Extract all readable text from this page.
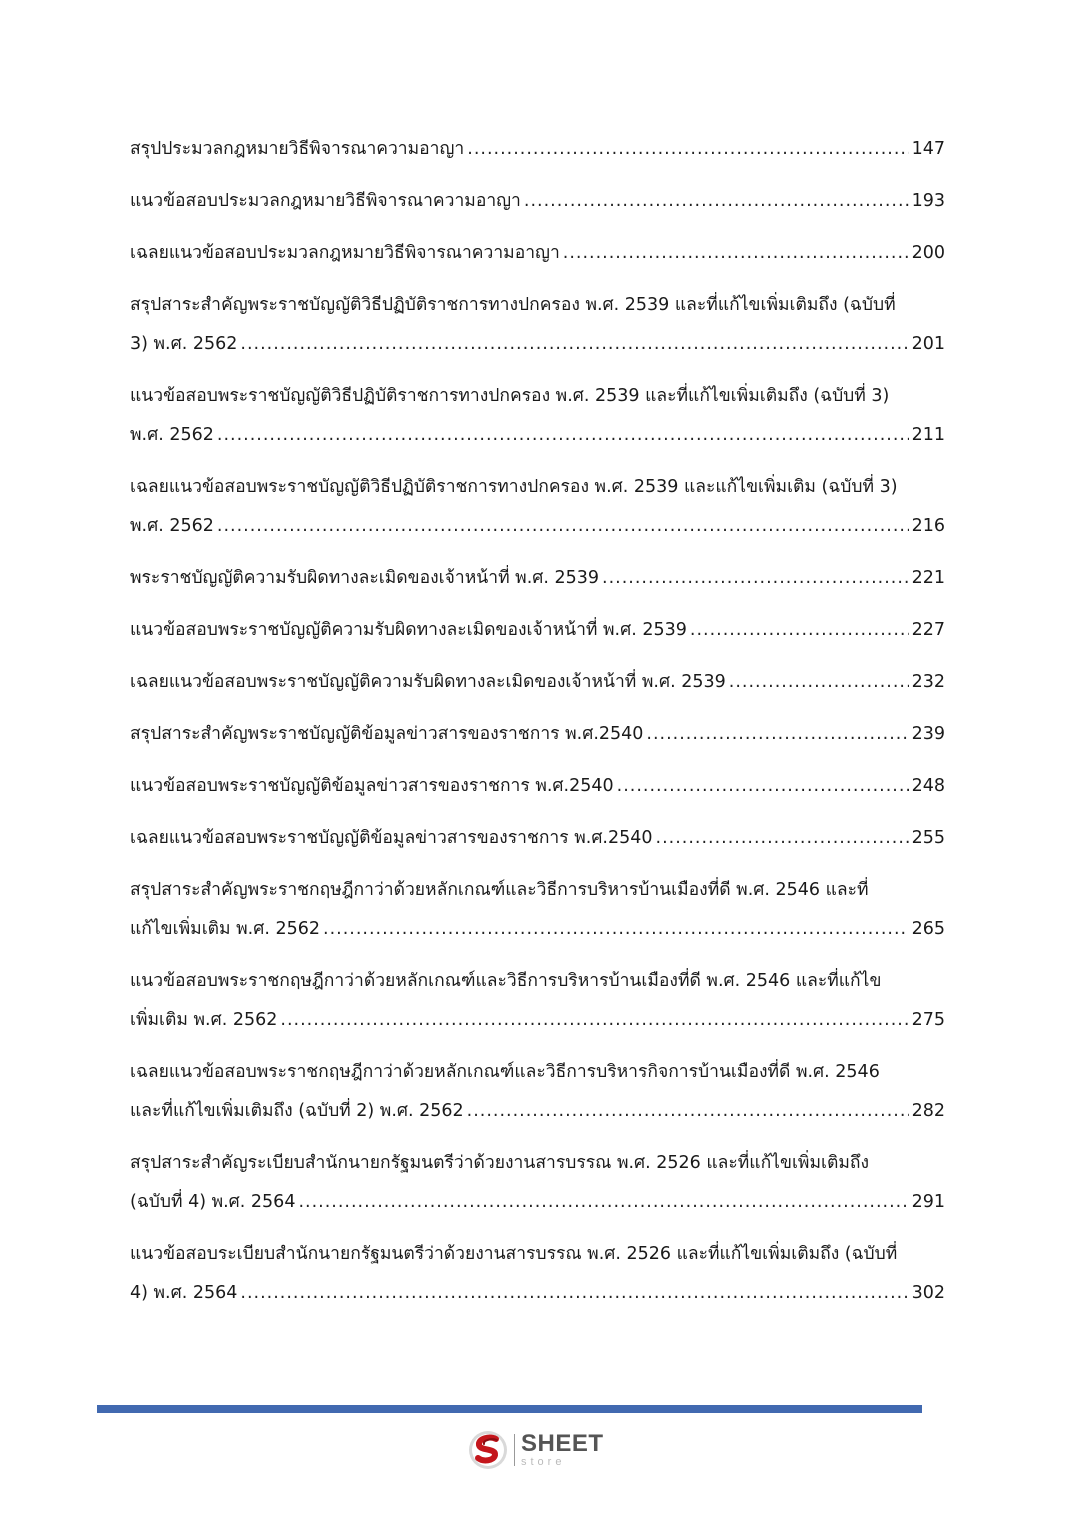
สรุปประมวลกฎหมายวิธีพิจารณาความอาญา .....	147
แนวข้อสอบประมวลกฎหมายวิธีพิจารณาความอาญา .....	193
เฉลยแนวข้อสอบประมวลกฎหมายวิธีพิจารณาความอาญา .....	200
สรุปสาระสำคัญพระราชบัญญัติวิธีปฏิบัติราชการทางปกครอง พ.ศ. 2539 และที่แก้ไขเพิ่มเติมถึง (ฉบับที่
3) พ.ศ. 2562 .....	201
แนวข้อสอบพระราชบัญญัติวิธีปฏิบัติราชการทางปกครอง พ.ศ. 2539 และที่แก้ไขเพิ่มเติมถึง (ฉบับที่ 3)
พ.ศ. 2562 .....	211
เฉลยแนวข้อสอบพระราชบัญญัติวิธีปฏิบัติราชการทางปกครอง พ.ศ. 2539 และแก้ไขเพิ่มเติม (ฉบับที่ 3)
พ.ศ. 2562 .....	216
พระราชบัญญัติความรับผิดทางละเมิดของเจ้าหน้าที่ พ.ศ. 2539 .....	221
แนวข้อสอบพระราชบัญญัติความรับผิดทางละเมิดของเจ้าหน้าที่ พ.ศ. 2539 .....	227
เฉลยแนวข้อสอบพระราชบัญญัติความรับผิดทางละเมิดของเจ้าหน้าที่ พ.ศ. 2539 .....	232
สรุปสาระสำคัญพระราชบัญญัติข้อมูลข่าวสารของราชการ พ.ศ.2540 .....	239
แนวข้อสอบพระราชบัญญัติข้อมูลข่าวสารของราชการ พ.ศ.2540 .....	248
เฉลยแนวข้อสอบพระราชบัญญัติข้อมูลข่าวสารของราชการ พ.ศ.2540 .....	255
สรุปสาระสำคัญพระราชกฤษฎีกาว่าด้วยหลักเกณฑ์และวิธีการบริหารบ้านเมืองที่ดี พ.ศ. 2546 และที่
แก้ไขเพิ่มเติม พ.ศ. 2562 .....	265
แนวข้อสอบพระราชกฤษฎีกาว่าด้วยหลักเกณฑ์และวิธีการบริหารบ้านเมืองที่ดี พ.ศ. 2546 และที่แก้ไข
เพิ่มเติม พ.ศ. 2562 .....	275
เฉลยแนวข้อสอบพระราชกฤษฎีกาว่าด้วยหลักเกณฑ์และวิธีการบริหารกิจการบ้านเมืองที่ดี พ.ศ. 2546
และที่แก้ไขเพิ่มเติมถึง (ฉบับที่ 2) พ.ศ. 2562 .....	282
สรุปสาระสำคัญระเบียบสำนักนายกรัฐมนตรีว่าด้วยงานสารบรรณ พ.ศ. 2526 และที่แก้ไขเพิ่มเติมถึง
(ฉบับที่ 4) พ.ศ. 2564 .....	291
แนวข้อสอบระเบียบสำนักนายกรัฐมนตรีว่าด้วยงานสารบรรณ พ.ศ. 2526 และที่แก้ไขเพิ่มเติมถึง (ฉบับที่
4) พ.ศ. 2564 .....	302
SHEET
store
